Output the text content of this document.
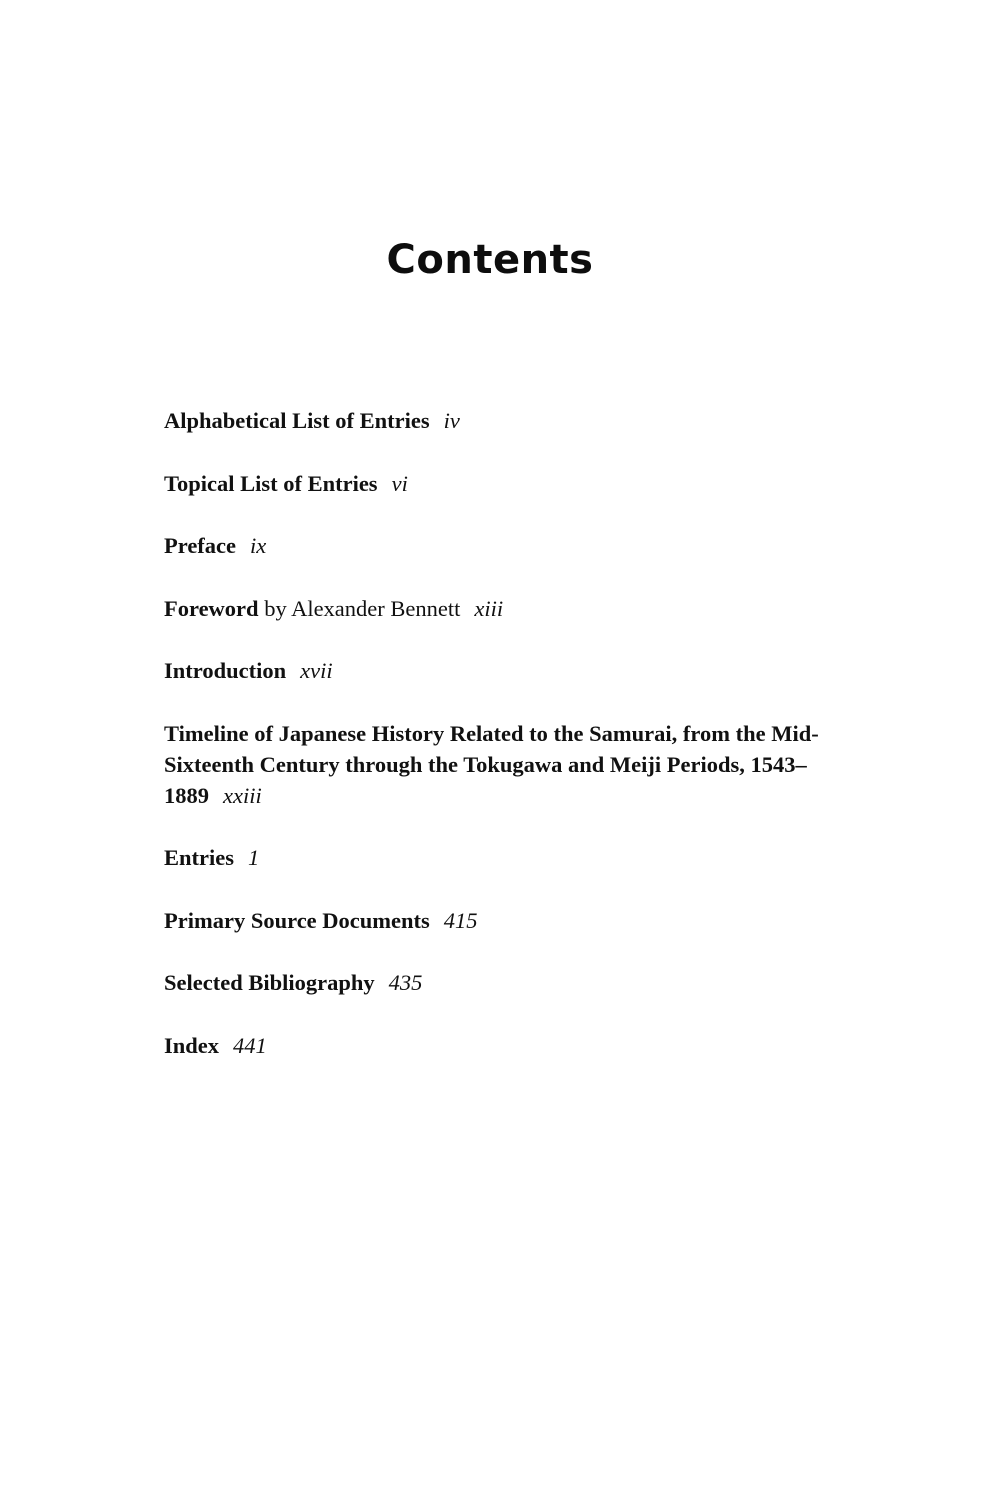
Contents
Alphabetical List of Entries iv
Topical List of Entries vi
Preface ix
Foreword by Alexander Bennett xiii
Introduction xvii
Timeline of Japanese History Related to the Samurai, from the Mid-Sixteenth Century through the Tokugawa and Meiji Periods, 1543–1889 xxiii
Entries 1
Primary Source Documents 415
Selected Bibliography 435
Index 441
